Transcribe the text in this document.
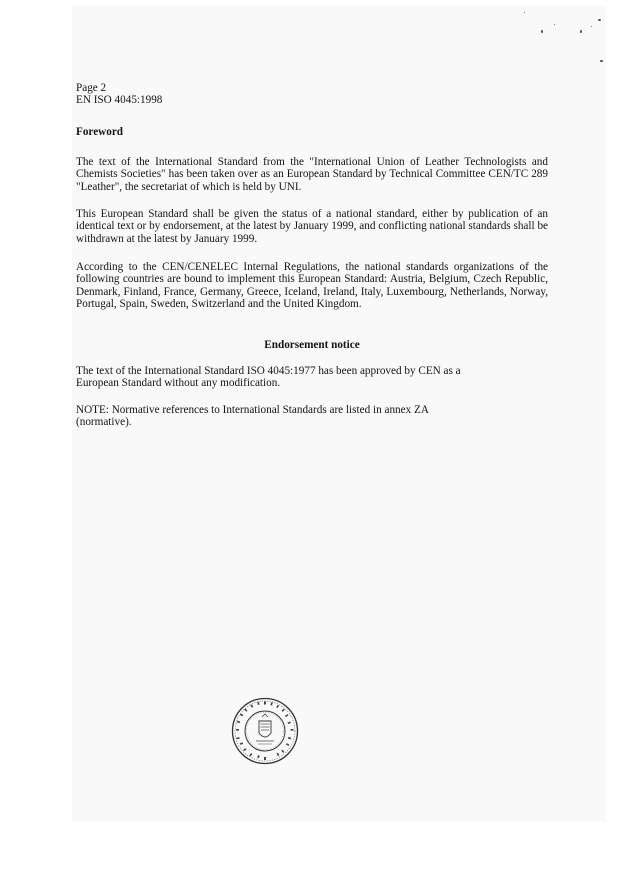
Page 2
EN ISO 4045:1998
Foreword
The text of the International Standard from the "International Union of Leather Technologists and Chemists Societies" has been taken over as an European Standard by Technical Committee CEN/TC 289 "Leather", the secretariat of which is held by UNI.
This European Standard shall be given the status of a national standard, either by publication of an identical text or by endorsement, at the latest by January 1999, and conflicting national standards shall be withdrawn at the latest by January 1999.
According to the CEN/CENELEC Internal Regulations, the national standards organizations of the following countries are bound to implement this European Standard: Austria, Belgium, Czech Republic, Denmark, Finland, France, Germany, Greece, Iceland, Ireland, Italy, Luxembourg, Netherlands, Norway, Portugal, Spain, Sweden, Switzerland and the United Kingdom.
Endorsement notice
The text of the International Standard ISO 4045:1977 has been approved by CEN as a
European Standard without any modification.
NOTE: Normative references to International Standards are listed in annex ZA
(normative).
